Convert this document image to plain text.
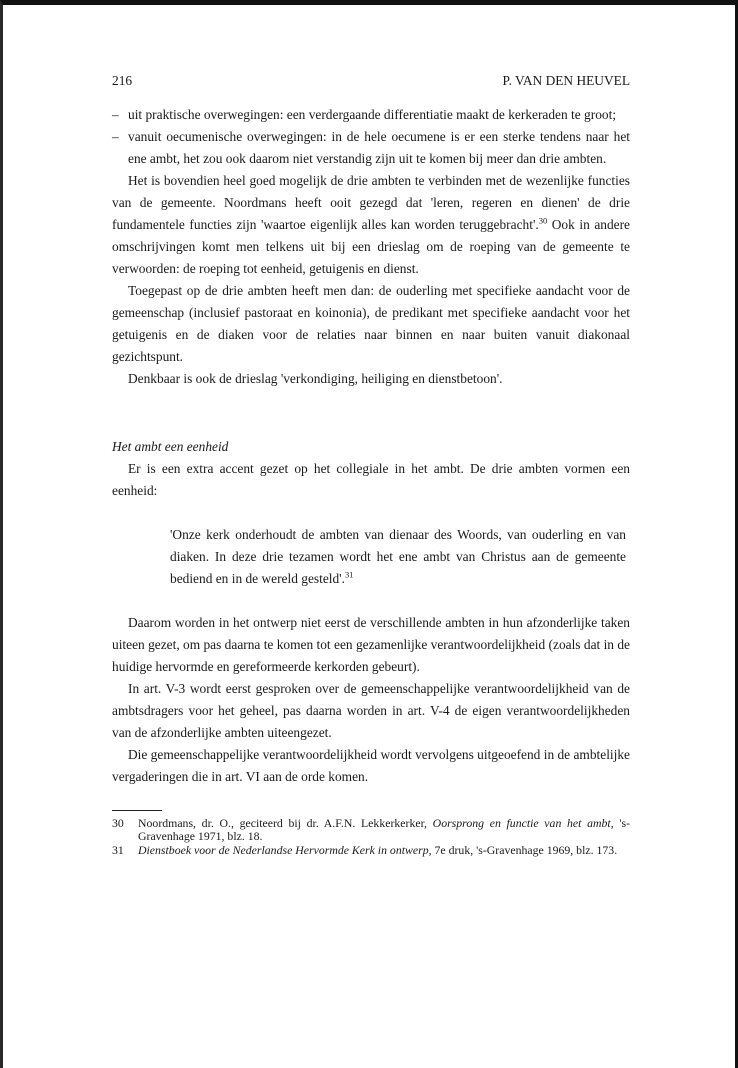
216	P. VAN DEN HEUVEL
– uit praktische overwegingen: een verdergaande differentiatie maakt de kerkeraden te groot;
– vanuit oecumenische overwegingen: in de hele oecumene is er een sterke tendens naar het ene ambt, het zou ook daarom niet verstandig zijn uit te komen bij meer dan drie ambten.

Het is bovendien heel goed mogelijk de drie ambten te verbinden met de wezenlijke functies van de gemeente. Noordmans heeft ooit gezegd dat 'leren, regeren en dienen' de drie fundamentele functies zijn 'waartoe eigenlijk alles kan worden teruggebracht'.$^{30}$ Ook in andere omschrijvingen komt men telkens uit bij een drieslag om de roeping van de gemeente te verwoorden: de roeping tot eenheid, getuigenis en dienst.

Toegepast op de drie ambten heeft men dan: de ouderling met specifieke aandacht voor de gemeenschap (inclusief pastoraat en koinonia), de predikant met specifieke aandacht voor het getuigenis en de diaken voor de relaties naar binnen en naar buiten vanuit diakonaal gezichtspunt.

Denkbaar is ook de drieslag 'verkondiging, heiliging en dienstbetoon'.

Het ambt een eenheid

Er is een extra accent gezet op het collegiale in het ambt. De drie ambten vormen een eenheid:

'Onze kerk onderhoudt de ambten van dienaar des Woords, van ouderling en van diaken. In deze drie tezamen wordt het ene ambt van Christus aan de gemeente bediend en in de wereld gesteld'.$^{31}$

Daarom worden in het ontwerp niet eerst de verschillende ambten in hun afzonderlijke taken uiteen gezet, om pas daarna te komen tot een gezamenlijke verantwoordelijkheid (zoals dat in de huidige hervormde en gereformeerde kerkorden gebeurt).

In art. V-3 wordt eerst gesproken over de gemeenschappelijke verantwoordelijkheid van de ambtsdragers voor het geheel, pas daarna worden in art. V-4 de eigen verantwoordelijkheden van de afzonderlijke ambten uiteengezet.

Die gemeenschappelijke verantwoordelijkheid wordt vervolgens uitgeoefend in de ambtelijke vergaderingen die in art. VI aan de orde komen.

30 Noordmans, dr. O., geciteerd bij dr. A.F.N. Lekkerkerker, Oorsprong en functie van het ambt, 's-Gravenhage 1971, blz. 18.
31 Dienstboek voor de Nederlandse Hervormde Kerk in ontwerp, 7e druk, 's-Gravenhage 1969, blz. 173.
